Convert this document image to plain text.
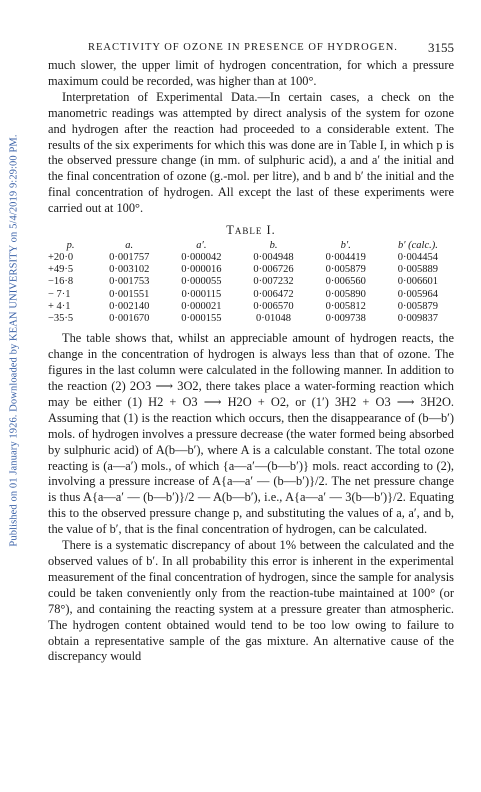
Published on 01 January 1926. Downloaded by KEAN UNIVERSITY on 5/4/2019 9:29:00 PM.
REACTIVITY OF OZONE IN PRESENCE OF HYDROGEN. 3155

much slower, the upper limit of hydrogen concentration, for which a pressure maximum could be recorded, was higher than at 100°.

Interpretation of Experimental Data.—In certain cases, a check on the manometric readings was attempted by direct analysis of the system for ozone and hydrogen after the reaction had proceeded to a considerable extent. The results of the six experiments for which this was done are in Table I, in which p is the observed pressure change (in mm. of sulphuric acid), a and a′ the initial and the final concentration of ozone (g.-mol. per litre), and b and b′ the initial and the final concentration of hydrogen. All except the last of these experiments were carried out at 100°.

Table I.
p.	a.	a′.	b.	b′.	b′ (calc.).
+20·0	0·001757	0·000042	0·004948	0·004419	0·004454
+49·5	0·003102	0·000016	0·006726	0·005879	0·005889
−16·8	0·001753	0·000055	0·007232	0·006560	0·006601
− 7·1	0·001551	0·000115	0·006472	0·005890	0·005964
+ 4·1	0·002140	0·000021	0·006570	0·005812	0·005879
−35·5	0·001670	0·000155	0·01048	0·009738	0·009837

The table shows that, whilst an appreciable amount of hydrogen reacts, the change in the concentration of hydrogen is always less than that of ozone. The figures in the last column were calculated in the following manner. In addition to the reaction (2) 2O3 ⟶ 3O2, there takes place a water-forming reaction which may be either (1) H2 + O3 ⟶ H2O + O2, or (1′) 3H2 + O3 ⟶ 3H2O. Assuming that (1) is the reaction which occurs, then the disappearance of (b—b′) mols. of hydrogen involves a pressure decrease (the water formed being absorbed by sulphuric acid) of A(b—b′), where A is a calculable constant. The total ozone reacting is (a—a′) mols., of which {a—a′—(b—b′)} mols. react according to (2), involving a pressure increase of A{a—a′ — (b—b′)}/2. The net pressure change is thus A{a—a′ — (b—b′)}/2 — A(b—b′), i.e., A{a—a′ — 3(b—b′)}/2. Equating this to the observed pressure change p, and substituting the values of a, a′, and b, the value of b′, that is the final concentration of hydrogen, can be calculated.

There is a systematic discrepancy of about 1% between the calculated and the observed values of b′. In all probability this error is inherent in the experimental measurement of the final concentration of hydrogen, since the sample for analysis could be taken conveniently only from the reaction-tube maintained at 100° (or 78°), and containing the reacting system at a pressure greater than atmospheric. The hydrogen content obtained would tend to be too low owing to failure to obtain a representative sample of the gas mixture. An alternative cause of the discrepancy would
